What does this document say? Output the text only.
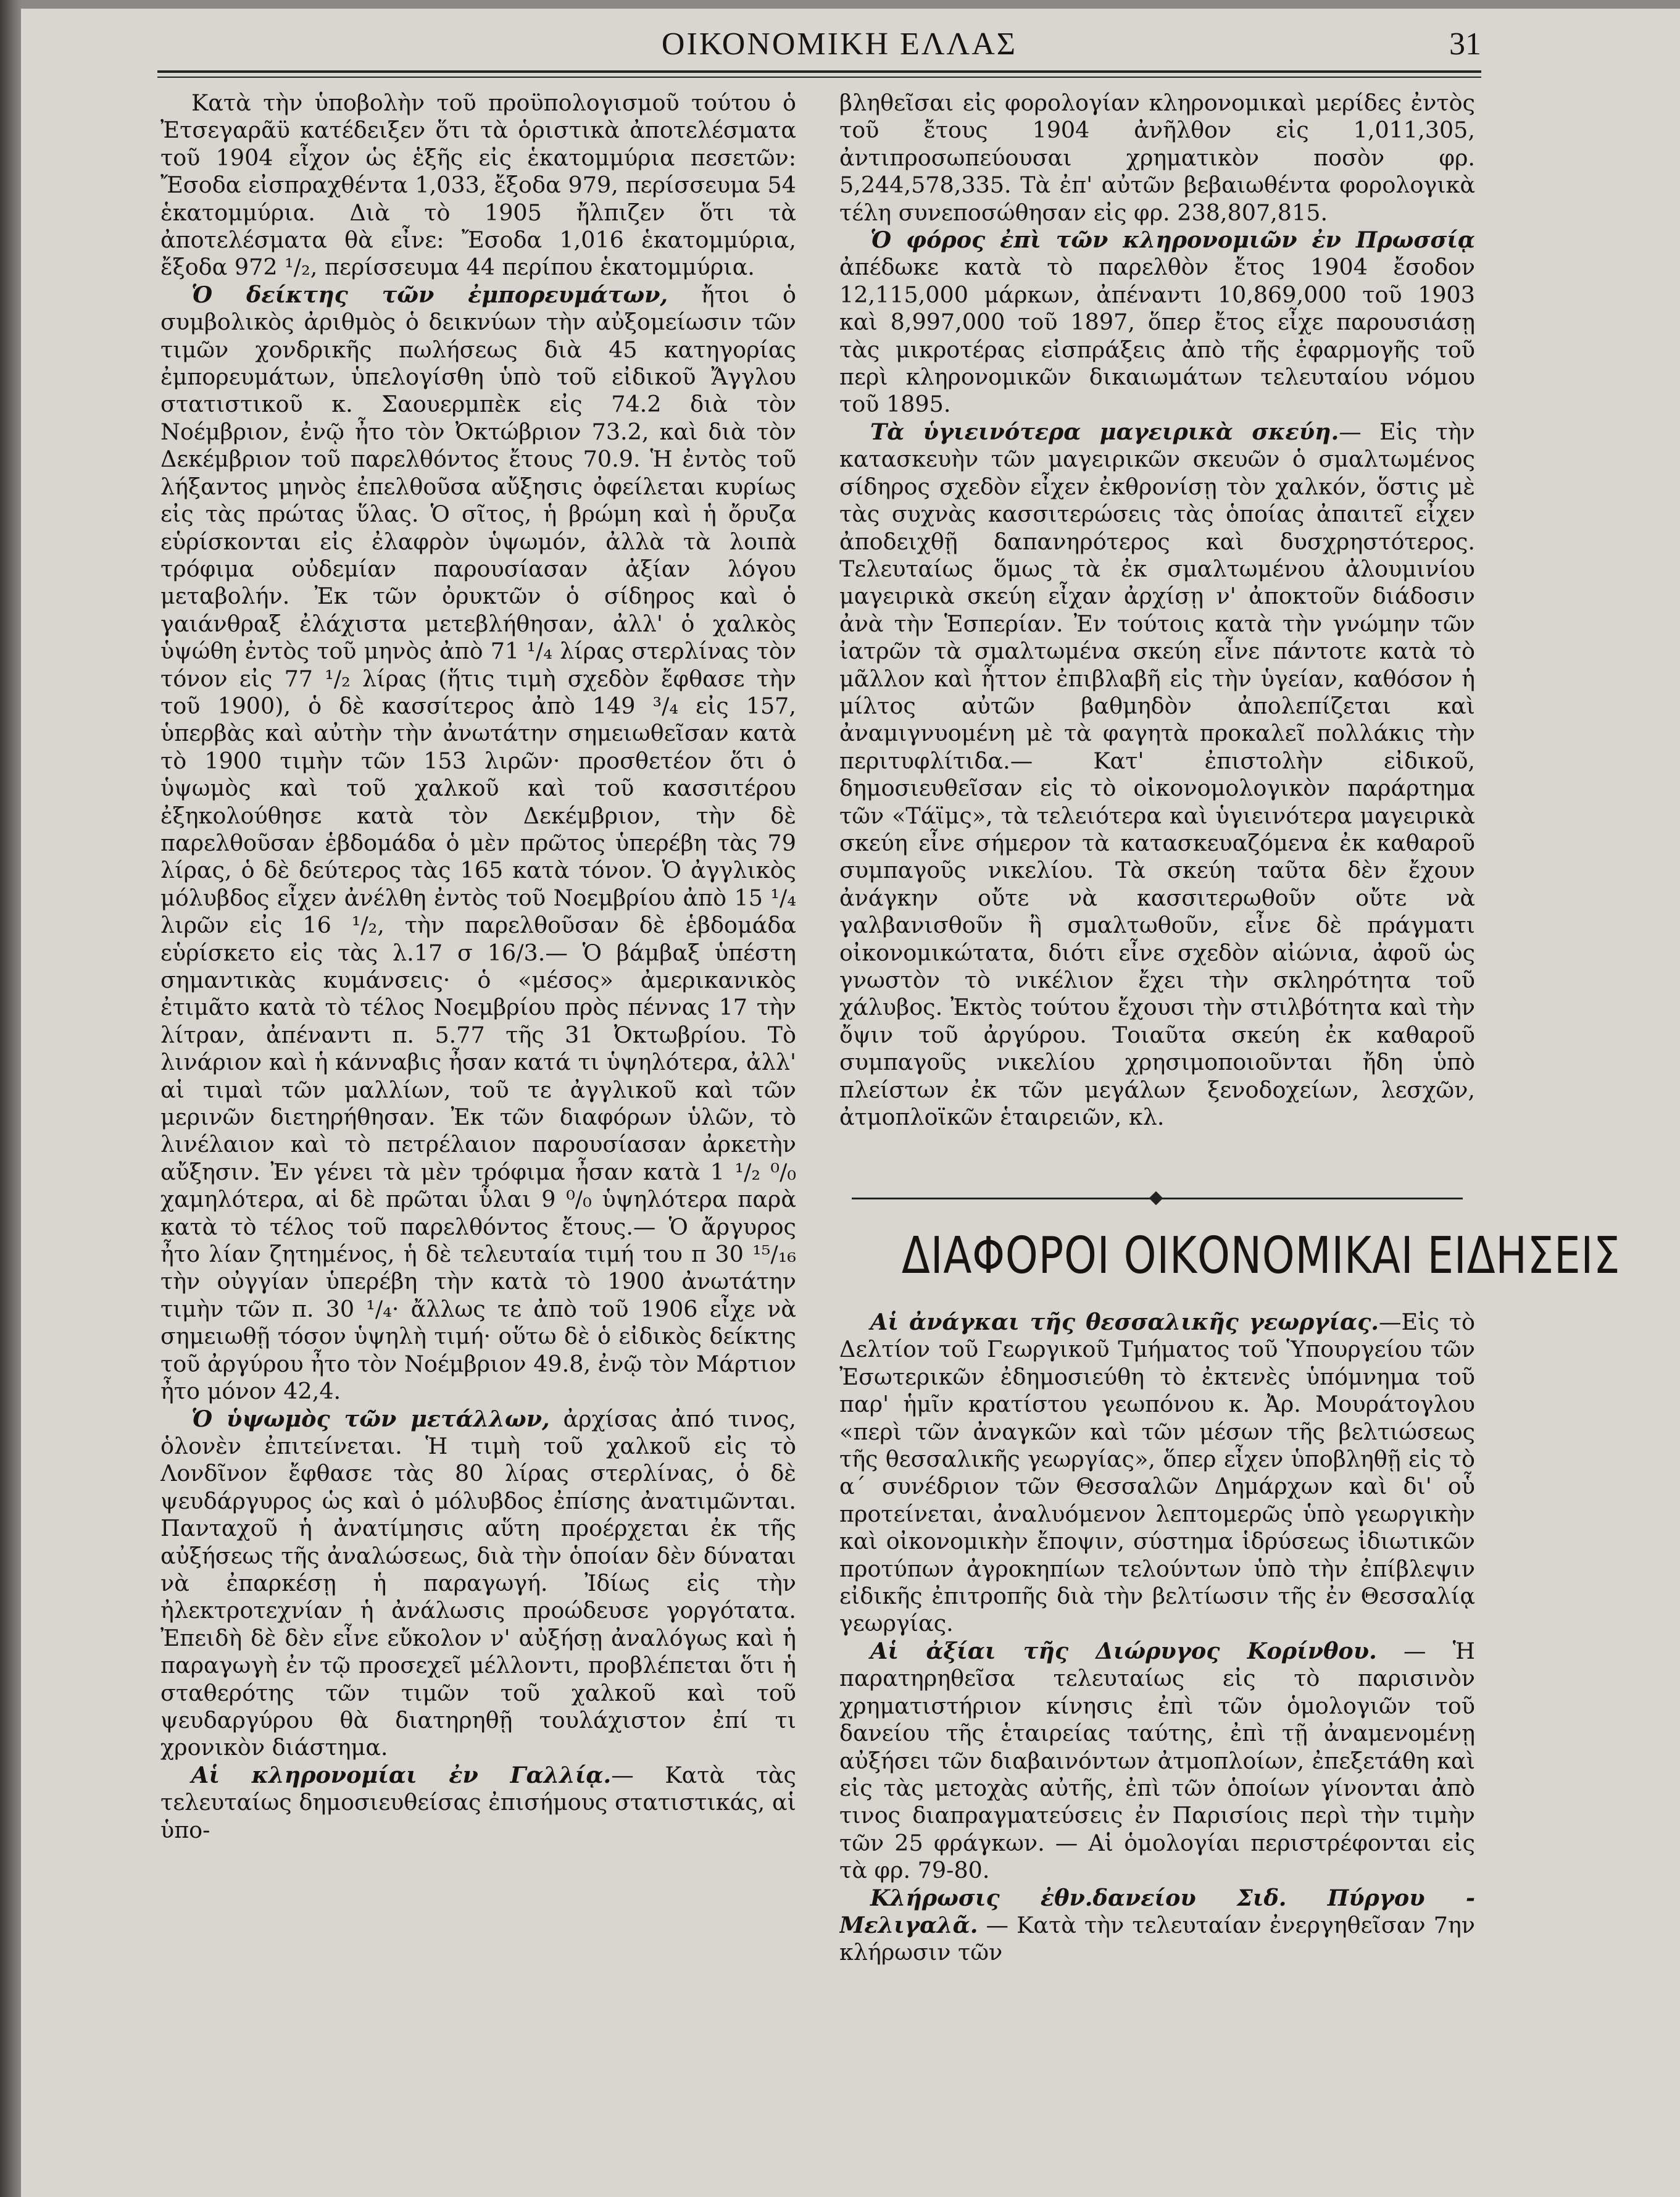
ΟΙΚΟΝΟΜΙΚΗ ΕΛΛΑΣ	31

Κατὰ τὴν ὑποβολὴν τοῦ προϋπολογισμοῦ τούτου ὁ Ἐτσεγαρᾶϋ κατέδειξεν ὅτι τὰ ὁριστικὰ ἀποτελέσματα τοῦ 1904 εἶχον ὡς ἑξῆς εἰς ἑκατομμύρια πεσετῶν: Ἔσοδα εἰσπραχθέντα 1,033, ἔξοδα 979, περίσσευμα 54 ἑκατομμύρια. Διὰ τὸ 1905 ἤλπιζεν ὅτι τὰ ἀποτελέσματα θὰ εἶνε: Ἔσοδα 1,016 ἑκατομμύρια, ἔξοδα 972 ¹/₂, περίσσευμα 44 περίπου ἑκατομμύρια.

Ὁ δείκτης τῶν ἐμπορευμάτων, ἤτοι ὁ συμβολικὸς ἀριθμὸς ὁ δεικνύων τὴν αὐξομείωσιν τῶν τιμῶν χονδρικῆς πωλήσεως διὰ 45 κατηγορίας ἐμπορευμάτων, ὑπελογίσθη ὑπὸ τοῦ εἰδικοῦ Ἄγγλου στατιστικοῦ κ. Σαουερμπὲκ εἰς 74.2 διὰ τὸν Νοέμβριον, ἐνῷ ἦτο τὸν Ὀκτώβριον 73.2, καὶ διὰ τὸν Δεκέμβριον τοῦ παρελθόντος ἔτους 70.9. Ἡ ἐντὸς τοῦ λήξαντος μηνὸς ἐπελθοῦσα αὔξησις ὀφείλεται κυρίως εἰς τὰς πρώτας ὕλας. Ὁ σῖτος, ἡ βρώμη καὶ ἡ ὄρυζα εὑρίσκονται εἰς ἐλαφρὸν ὑψωμόν, ἀλλὰ τὰ λοιπὰ τρόφιμα οὐδεμίαν παρουσίασαν ἀξίαν λόγου μεταβολήν. Ἐκ τῶν ὀρυκτῶν ὁ σίδηρος καὶ ὁ γαιάνθραξ ἐλάχιστα μετεβλήθησαν, ἀλλ' ὁ χαλκὸς ὑψώθη ἐντὸς τοῦ μηνὸς ἀπὸ 71 ¹/₄ λίρας στερλίνας τὸν τόνον εἰς 77 ¹/₂ λίρας (ἥτις τιμὴ σχεδὸν ἔφθασε τὴν τοῦ 1900), ὁ δὲ κασσίτερος ἀπὸ 149 ³/₄ εἰς 157, ὑπερβὰς καὶ αὐτὴν τὴν ἀνωτάτην σημειωθεῖσαν κατὰ τὸ 1900 τιμὴν τῶν 153 λιρῶν· προσθετέον ὅτι ὁ ὑψωμὸς καὶ τοῦ χαλκοῦ καὶ τοῦ κασσιτέρου ἐξηκολούθησε κατὰ τὸν Δεκέμβριον, τὴν δὲ παρελθοῦσαν ἑβδομάδα ὁ μὲν πρῶτος ὑπερέβη τὰς 79 λίρας, ὁ δὲ δεύτερος τὰς 165 κατὰ τόνον. Ὁ ἀγγλικὸς μόλυβδος εἶχεν ἀνέλθη ἐντὸς τοῦ Νοεμβρίου ἀπὸ 15 ¹/₄ λιρῶν εἰς 16 ¹/₂, τὴν παρελθοῦσαν δὲ ἑβδομάδα εὑρίσκετο εἰς τὰς λ.17 σ 16/3.— Ὁ βάμβαξ ὑπέστη σημαντικὰς κυμάνσεις· ὁ «μέσος» ἀμερικανικὸς ἐτιμᾶτο κατὰ τὸ τέλος Νοεμβρίου πρὸς πέννας 17 τὴν λίτραν, ἀπέναντι π. 5.77 τῆς 31 Ὀκτωβρίου. Τὸ λινάριον καὶ ἡ κάνναβις ἦσαν κατά τι ὑψηλότερα, ἀλλ' αἱ τιμαὶ τῶν μαλλίων, τοῦ τε ἀγγλικοῦ καὶ τῶν μερινῶν διετηρήθησαν. Ἐκ τῶν διαφόρων ὑλῶν, τὸ λινέλαιον καὶ τὸ πετρέλαιον παρουσίασαν ἀρκετὴν αὔξησιν. Ἐν γένει τὰ μὲν τρόφιμα ἦσαν κατὰ 1 ¹/₂ ⁰/₀ χαμηλότερα, αἱ δὲ πρῶται ὗλαι 9 ⁰/₀ ὑψηλότερα παρὰ κατὰ τὸ τέλος τοῦ παρελθόντος ἔτους.— Ὁ ἄργυρος ἦτο λίαν ζητημένος, ἡ δὲ τελευταία τιμή του π 30 ¹⁵/₁₆ τὴν οὐγγίαν ὑπερέβη τὴν κατὰ τὸ 1900 ἀνωτάτην τιμὴν τῶν π. 30 ¹/₄· ἄλλως τε ἀπὸ τοῦ 1906 εἶχε νὰ σημειωθῇ τόσον ὑψηλὴ τιμή· οὕτω δὲ ὁ εἰδικὸς δείκτης τοῦ ἀργύρου ἦτο τὸν Νοέμβριον 49.8, ἐνῷ τὸν Μάρτιον ἦτο μόνον 42,4.

Ὁ ὑψωμὸς τῶν μετάλλων, ἀρχίσας ἀπό τινος, ὁλονὲν ἐπιτείνεται. Ἡ τιμὴ τοῦ χαλκοῦ εἰς τὸ Λονδῖνον ἔφθασε τὰς 80 λίρας στερλίνας, ὁ δὲ ψευδάργυρος ὡς καὶ ὁ μόλυβδος ἐπίσης ἀνατιμῶνται. Πανταχοῦ ἡ ἀνατίμησις αὕτη προέρχεται ἐκ τῆς αὐξήσεως τῆς ἀναλώσεως, διὰ τὴν ὁποίαν δὲν δύναται νὰ ἐπαρκέσῃ ἡ παραγωγή. Ἰδίως εἰς τὴν ἠλεκτροτεχνίαν ἡ ἀνάλωσις προώδευσε γοργότατα. Ἐπειδὴ δὲ δὲν εἶνε εὔκολον ν' αὐξήσῃ ἀναλόγως καὶ ἡ παραγωγὴ ἐν τῷ προσεχεῖ μέλλοντι, προβλέπεται ὅτι ἡ σταθερότης τῶν τιμῶν τοῦ χαλκοῦ καὶ τοῦ ψευδαργύρου θὰ διατηρηθῇ τουλάχιστον ἐπί τι χρονικὸν διάστημα.

Αἱ κληρονομίαι ἐν Γαλλίᾳ.— Κατὰ τὰς τελευταίως δημοσιευθείσας ἐπισήμους στατιστικάς, αἱ ὑπο-

βληθεῖσαι εἰς φορολογίαν κληρονομικαὶ μερίδες ἐντὸς τοῦ ἔτους 1904 ἀνῆλθον εἰς 1,011,305, ἀντιπροσωπεύουσαι χρηματικὸν ποσὸν φρ. 5,244,578,335. Τὰ ἐπ' αὐτῶν βεβαιωθέντα φορολογικὰ τέλη συνεποσώθησαν εἰς φρ. 238,807,815.

Ὁ φόρος ἐπὶ τῶν κληρονομιῶν ἐν Πρωσσίᾳ ἀπέδωκε κατὰ τὸ παρελθὸν ἔτος 1904 ἔσοδον 12,115,000 μάρκων, ἀπέναντι 10,869,000 τοῦ 1903 καὶ 8,997,000 τοῦ 1897, ὅπερ ἔτος εἶχε παρουσιάσῃ τὰς μικροτέρας εἰσπράξεις ἀπὸ τῆς ἐφαρμογῆς τοῦ περὶ κληρονομικῶν δικαιωμάτων τελευταίου νόμου τοῦ 1895.

Τὰ ὑγιεινότερα μαγειρικὰ σκεύη.— Εἰς τὴν κατασκευὴν τῶν μαγειρικῶν σκευῶν ὁ σμαλτωμένος σίδηρος σχεδὸν εἶχεν ἐκθρονίσῃ τὸν χαλκόν, ὅστις μὲ τὰς συχνὰς κασσιτερώσεις τὰς ὁποίας ἀπαιτεῖ εἶχεν ἀποδειχθῇ δαπανηρότερος καὶ δυσχρηστότερος. Τελευταίως ὅμως τὰ ἐκ σμαλτωμένου ἀλουμινίου μαγειρικὰ σκεύη εἶχαν ἀρχίσῃ ν' ἀποκτοῦν διάδοσιν ἀνὰ τὴν Ἑσπερίαν. Ἐν τούτοις κατὰ τὴν γνώμην τῶν ἰατρῶν τὰ σμαλτωμένα σκεύη εἶνε πάντοτε κατὰ τὸ μᾶλλον καὶ ἧττον ἐπιβλαβῆ εἰς τὴν ὑγείαν, καθόσον ἡ μίλτος αὐτῶν βαθμηδὸν ἀπολεπίζεται καὶ ἀναμιγνυομένη μὲ τὰ φαγητὰ προκαλεῖ πολλάκις τὴν περιτυφλίτιδα.— Κατ' ἐπιστολὴν εἰδικοῦ, δημοσιευθεῖσαν εἰς τὸ οἰκονομολογικὸν παράρτημα τῶν «Τάϊμς», τὰ τελειότερα καὶ ὑγιεινότερα μαγειρικὰ σκεύη εἶνε σήμερον τὰ κατασκευαζόμενα ἐκ καθαροῦ συμπαγοῦς νικελίου. Τὰ σκεύη ταῦτα δὲν ἔχουν ἀνάγκην οὔτε νὰ κασσιτερωθοῦν οὔτε νὰ γαλβανισθοῦν ἢ σμαλτωθοῦν, εἶνε δὲ πράγματι οἰκονομικώτατα, διότι εἶνε σχεδὸν αἰώνια, ἀφοῦ ὡς γνωστὸν τὸ νικέλιον ἔχει τὴν σκληρότητα τοῦ χάλυβος. Ἐκτὸς τούτου ἔχουσι τὴν στιλβότητα καὶ τὴν ὄψιν τοῦ ἀργύρου. Τοιαῦτα σκεύη ἐκ καθαροῦ συμπαγοῦς νικελίου χρησιμοποιοῦνται ἤδη ὑπὸ πλείστων ἐκ τῶν μεγάλων ξενοδοχείων, λεσχῶν, ἀτμοπλοϊκῶν ἑταιρειῶν, κλ.

ΔΙΑΦΟΡΟΙ ΟΙΚΟΝΟΜΙΚΑΙ ΕΙΔΗΣΕΙΣ

Αἱ ἀνάγκαι τῆς θεσσαλικῆς γεωργίας.—Εἰς τὸ Δελτίον τοῦ Γεωργικοῦ Τμήματος τοῦ Ὑπουργείου τῶν Ἐσωτερικῶν ἐδημοσιεύθη τὸ ἐκτενὲς ὑπόμνημα τοῦ παρ' ἡμῖν κρατίστου γεωπόνου κ. Ἀρ. Μουράτογλου «περὶ τῶν ἀναγκῶν καὶ τῶν μέσων τῆς βελτιώσεως τῆς θεσσαλικῆς γεωργίας», ὅπερ εἶχεν ὑποβληθῇ εἰς τὸ α΄ συνέδριον τῶν Θεσσαλῶν Δημάρχων καὶ δι' οὗ προτείνεται, ἀναλυόμενον λεπτομερῶς ὑπὸ γεωργικὴν καὶ οἰκονομικὴν ἔποψιν, σύστημα ἱδρύσεως ἰδιωτικῶν προτύπων ἀγροκηπίων τελούντων ὑπὸ τὴν ἐπίβλεψιν εἰδικῆς ἐπιτροπῆς διὰ τὴν βελτίωσιν τῆς ἐν Θεσσαλίᾳ γεωργίας.

Αἱ ἀξίαι τῆς Διώρυγος Κορίνθου. — Ἡ παρατηρηθεῖσα τελευταίως εἰς τὸ παρισινὸν χρηματιστήριον κίνησις ἐπὶ τῶν ὁμολογιῶν τοῦ δανείου τῆς ἑταιρείας ταύτης, ἐπὶ τῇ ἀναμενομένῃ αὐξήσει τῶν διαβαινόντων ἀτμοπλοίων, ἐπεξετάθη καὶ εἰς τὰς μετοχὰς αὐτῆς, ἐπὶ τῶν ὁποίων γίνονται ἀπὸ τινος διαπραγματεύσεις ἐν Παρισίοις περὶ τὴν τιμὴν τῶν 25 φράγκων. — Αἱ ὁμολογίαι περιστρέφονται εἰς τὰ φρ. 79-80.

Κλήρωσις ἐθν.δανείου Σιδ. Πύργου - Μελιγαλᾶ. — Κατὰ τὴν τελευταίαν ἐνεργηθεῖσαν 7ην κλήρωσιν τῶν
